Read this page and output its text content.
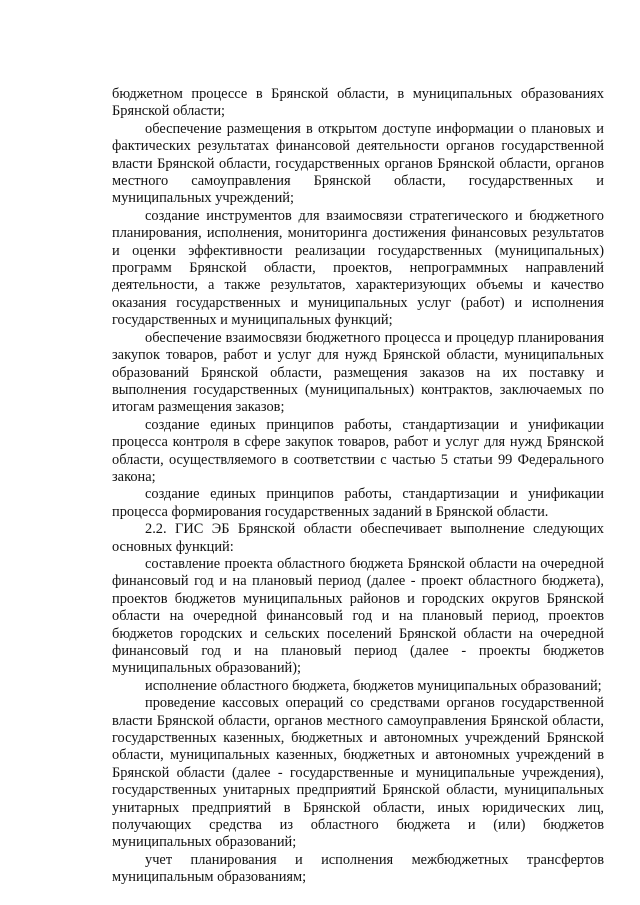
бюджетном процессе в Брянской области, в муниципальных образованиях Брянской области;

обеспечение размещения в открытом доступе информации о плановых и фактических результатах финансовой деятельности органов государственной власти Брянской области, государственных органов Брянской области, органов местного самоуправления Брянской области, государственных и муниципальных учреждений;

создание инструментов для взаимосвязи стратегического и бюджетного планирования, исполнения, мониторинга достижения финансовых результатов и оценки эффективности реализации государственных (муниципальных) программ Брянской области, проектов, непрограммных направлений деятельности, а также результатов, характеризующих объемы и качество оказания государственных и муниципальных услуг (работ) и исполнения государственных и муниципальных функций;

обеспечение взаимосвязи бюджетного процесса и процедур планирования закупок товаров, работ и услуг для нужд Брянской области, муниципальных образований Брянской области, размещения заказов на их поставку и выполнения государственных (муниципальных) контрактов, заключаемых по итогам размещения заказов;

создание единых принципов работы, стандартизации и унификации процесса контроля в сфере закупок товаров, работ и услуг для нужд Брянской области, осуществляемого в соответствии с частью 5 статьи 99 Федерального закона;

создание единых принципов работы, стандартизации и унификации процесса формирования государственных заданий в Брянской области.

2.2. ГИС ЭБ Брянской области обеспечивает выполнение следующих основных функций:

составление проекта областного бюджета Брянской области на очередной финансовый год и на плановый период (далее - проект областного бюджета), проектов бюджетов муниципальных районов и городских округов Брянской области на очередной финансовый год и на плановый период, проектов бюджетов городских и сельских поселений Брянской области на очередной финансовый год и на плановый период (далее - проекты бюджетов муниципальных образований);

исполнение областного бюджета, бюджетов муниципальных образований;

проведение кассовых операций со средствами органов государственной власти Брянской области, органов местного самоуправления Брянской области, государственных казенных, бюджетных и автономных учреждений Брянской области, муниципальных казенных, бюджетных и автономных учреждений в Брянской области (далее - государственные и муниципальные учреждения), государственных унитарных предприятий Брянской области, муниципальных унитарных предприятий в Брянской области, иных юридических лиц, получающих средства из областного бюджета и (или) бюджетов муниципальных образований;

учет планирования и исполнения межбюджетных трансфертов муниципальным образованиям;
